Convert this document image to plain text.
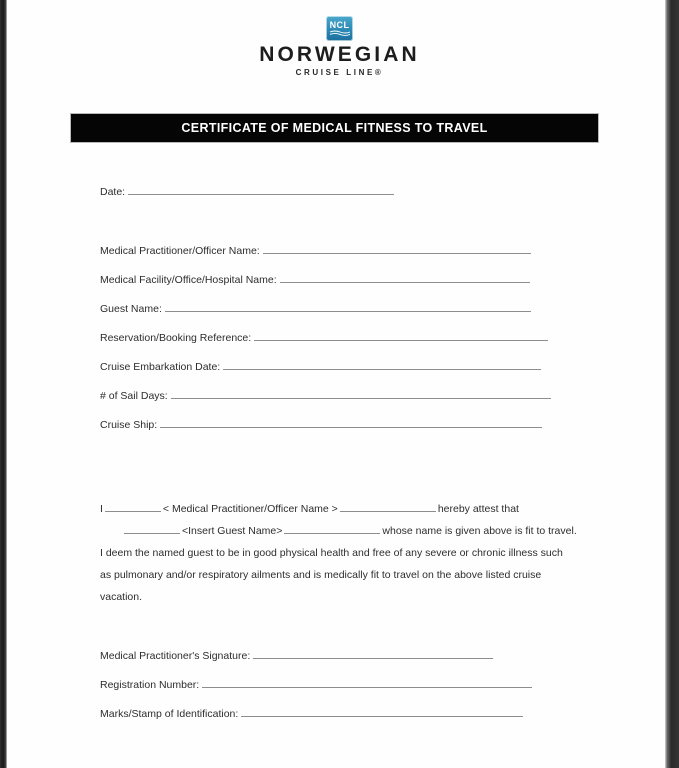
NCL
NORWEGIAN
CRUISE LINE®
CERTIFICATE OF MEDICAL FITNESS TO TRAVEL
Date:
Medical Practitioner/Officer Name:
Medical Facility/Office/Hospital Name:
Guest Name:
Reservation/Booking Reference:
Cruise Embarkation Date:
# of Sail Days:
Cruise Ship:
Medical Practitioner's Signature:
Registration Number:
Marks/Stamp of Identification:
I	< Medical Practitioner/Officer Name >	hereby attest that
<Insert Guest Name>	whose name is given above is fit to travel.
I deem the named guest to be in good physical health and free of any severe or chronic illness such as pulmonary and/or respiratory ailments and is medically fit to travel on the above listed cruise vacation.
